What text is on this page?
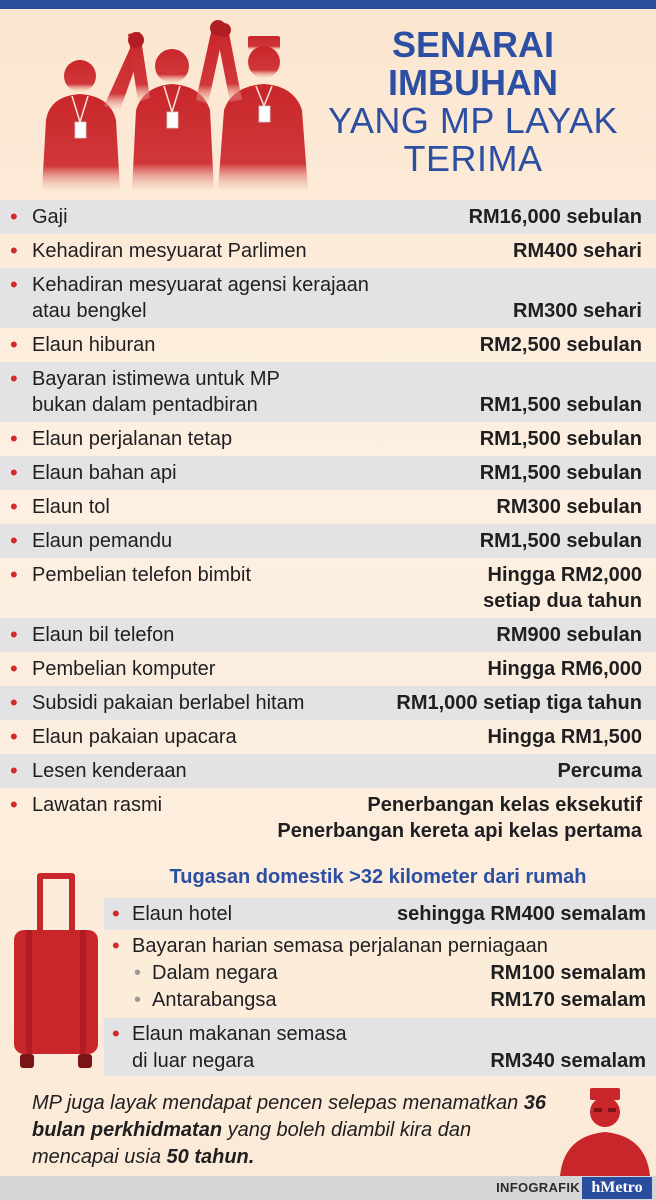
SENARAI
IMBUHAN
YANG MP LAYAK
TERIMA
• Gaji	RM16,000 sebulan
• Kehadiran mesyuarat Parlimen	RM400 sehari
• Kehadiran mesyuarat agensi kerajaan
atau bengkel	RM300 sehari
• Elaun hiburan	RM2,500 sebulan
• Bayaran istimewa untuk MP
bukan dalam pentadbiran	RM1,500 sebulan
• Elaun perjalanan tetap	RM1,500 sebulan
• Elaun bahan api	RM1,500 sebulan
• Elaun tol	RM300 sebulan
• Elaun pemandu	RM1,500 sebulan
• Pembelian telefon bimbit	Hingga RM2,000
setiap dua tahun
• Elaun bil telefon	RM900 sebulan
• Pembelian komputer	Hingga RM6,000
• Subsidi pakaian berlabel hitam	RM1,000 setiap tiga tahun
• Elaun pakaian upacara	Hingga RM1,500
• Lesen kenderaan	Percuma
• Lawatan rasmi	Penerbangan kelas eksekutif
Penerbangan kereta api kelas pertama
Tugasan domestik >32 kilometer dari rumah
• Elaun hotel	sehingga RM400 semalam
• Bayaran harian semasa perjalanan perniagaan
• Dalam negara	RM100 semalam
• Antarabangsa	RM170 semalam
• Elaun makanan semasa
di luar negara	RM340 semalam
MP juga layak mendapat pencen selepas menamatkan 36 bulan perkhidmatan yang boleh diambil kira dan mencapai usia 50 tahun.
INFOGRAFIK hMetro
